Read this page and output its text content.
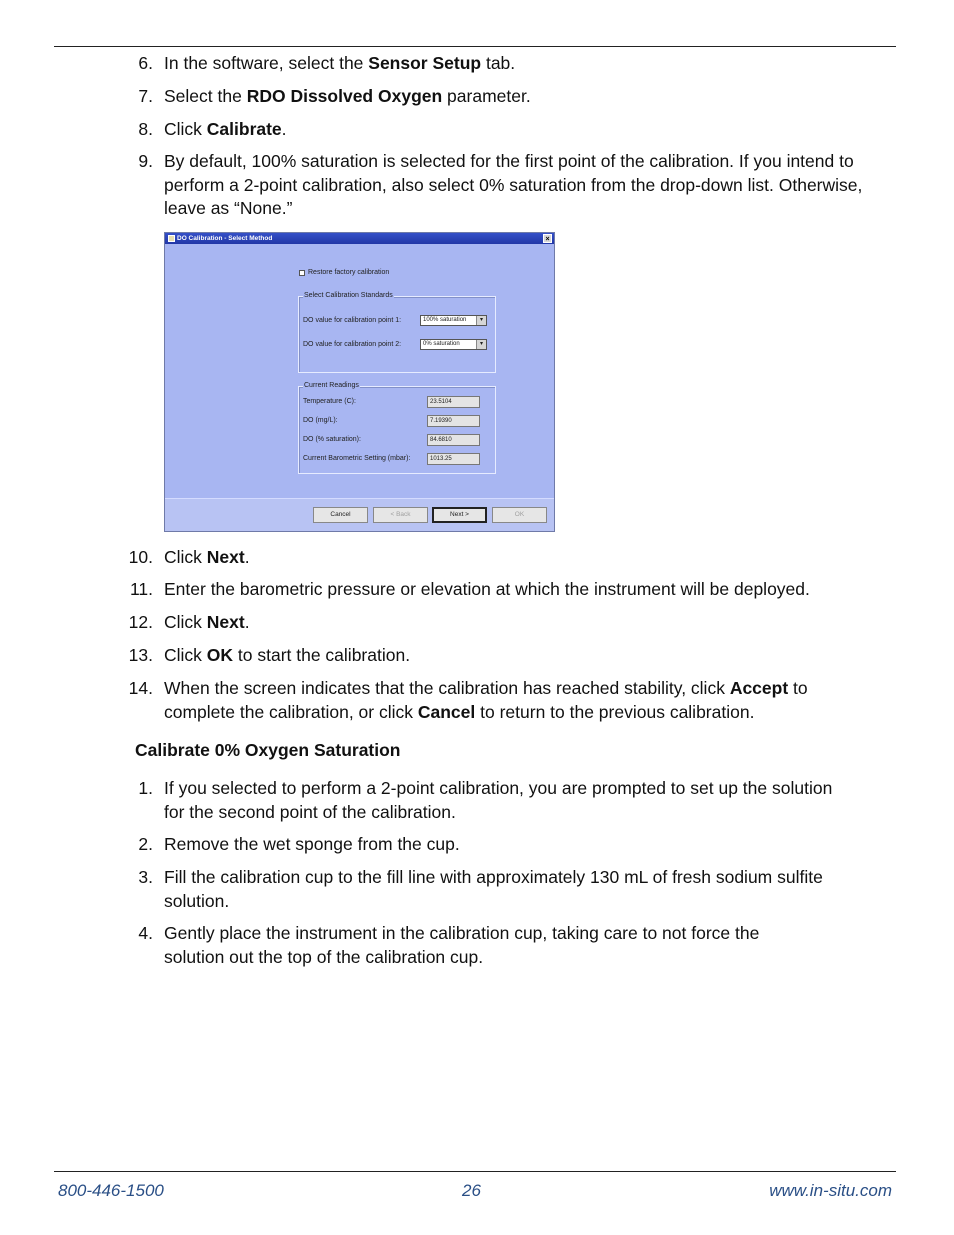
6. In the software, select the Sensor Setup tab.
7. Select the RDO Dissolved Oxygen parameter.
8. Click Calibrate.
9. By default, 100% saturation is selected for the first point of the calibration. If you intend to perform a 2-point calibration, also select 0% saturation from the drop-down list. Otherwise, leave as “None.”
DO Calibration - Select Method	×
Restore factory calibration
Select Calibration Standards
DO value for calibration point 1:	100% saturation	▾
DO value for calibration point 2:	0% saturation	▾
Current Readings
Temperature (C):	23.5104
DO (mg/L):	7.19390
DO (% saturation):	84.6810
Current Barometric Setting (mbar):	1013.25
Cancel	< Back	Next >	OK
10. Click Next.
11. Enter the barometric pressure or elevation at which the instrument will be deployed.
12. Click Next.
13. Click OK to start the calibration.
14. When the screen indicates that the calibration has reached stability, click Accept to complete the calibration, or click Cancel to return to the previous calibration.
Calibrate 0% Oxygen Saturation
1. If you selected to perform a 2-point calibration, you are prompted to set up the solution for the second point of the calibration.
2. Remove the wet sponge from the cup.
3. Fill the calibration cup to the fill line with approximately 130 mL of fresh sodium sulfite solution.
4. Gently place the instrument in the calibration cup, taking care to not force the solution out the top of the calibration cup.
800-446-1500	26	www.in-situ.com
